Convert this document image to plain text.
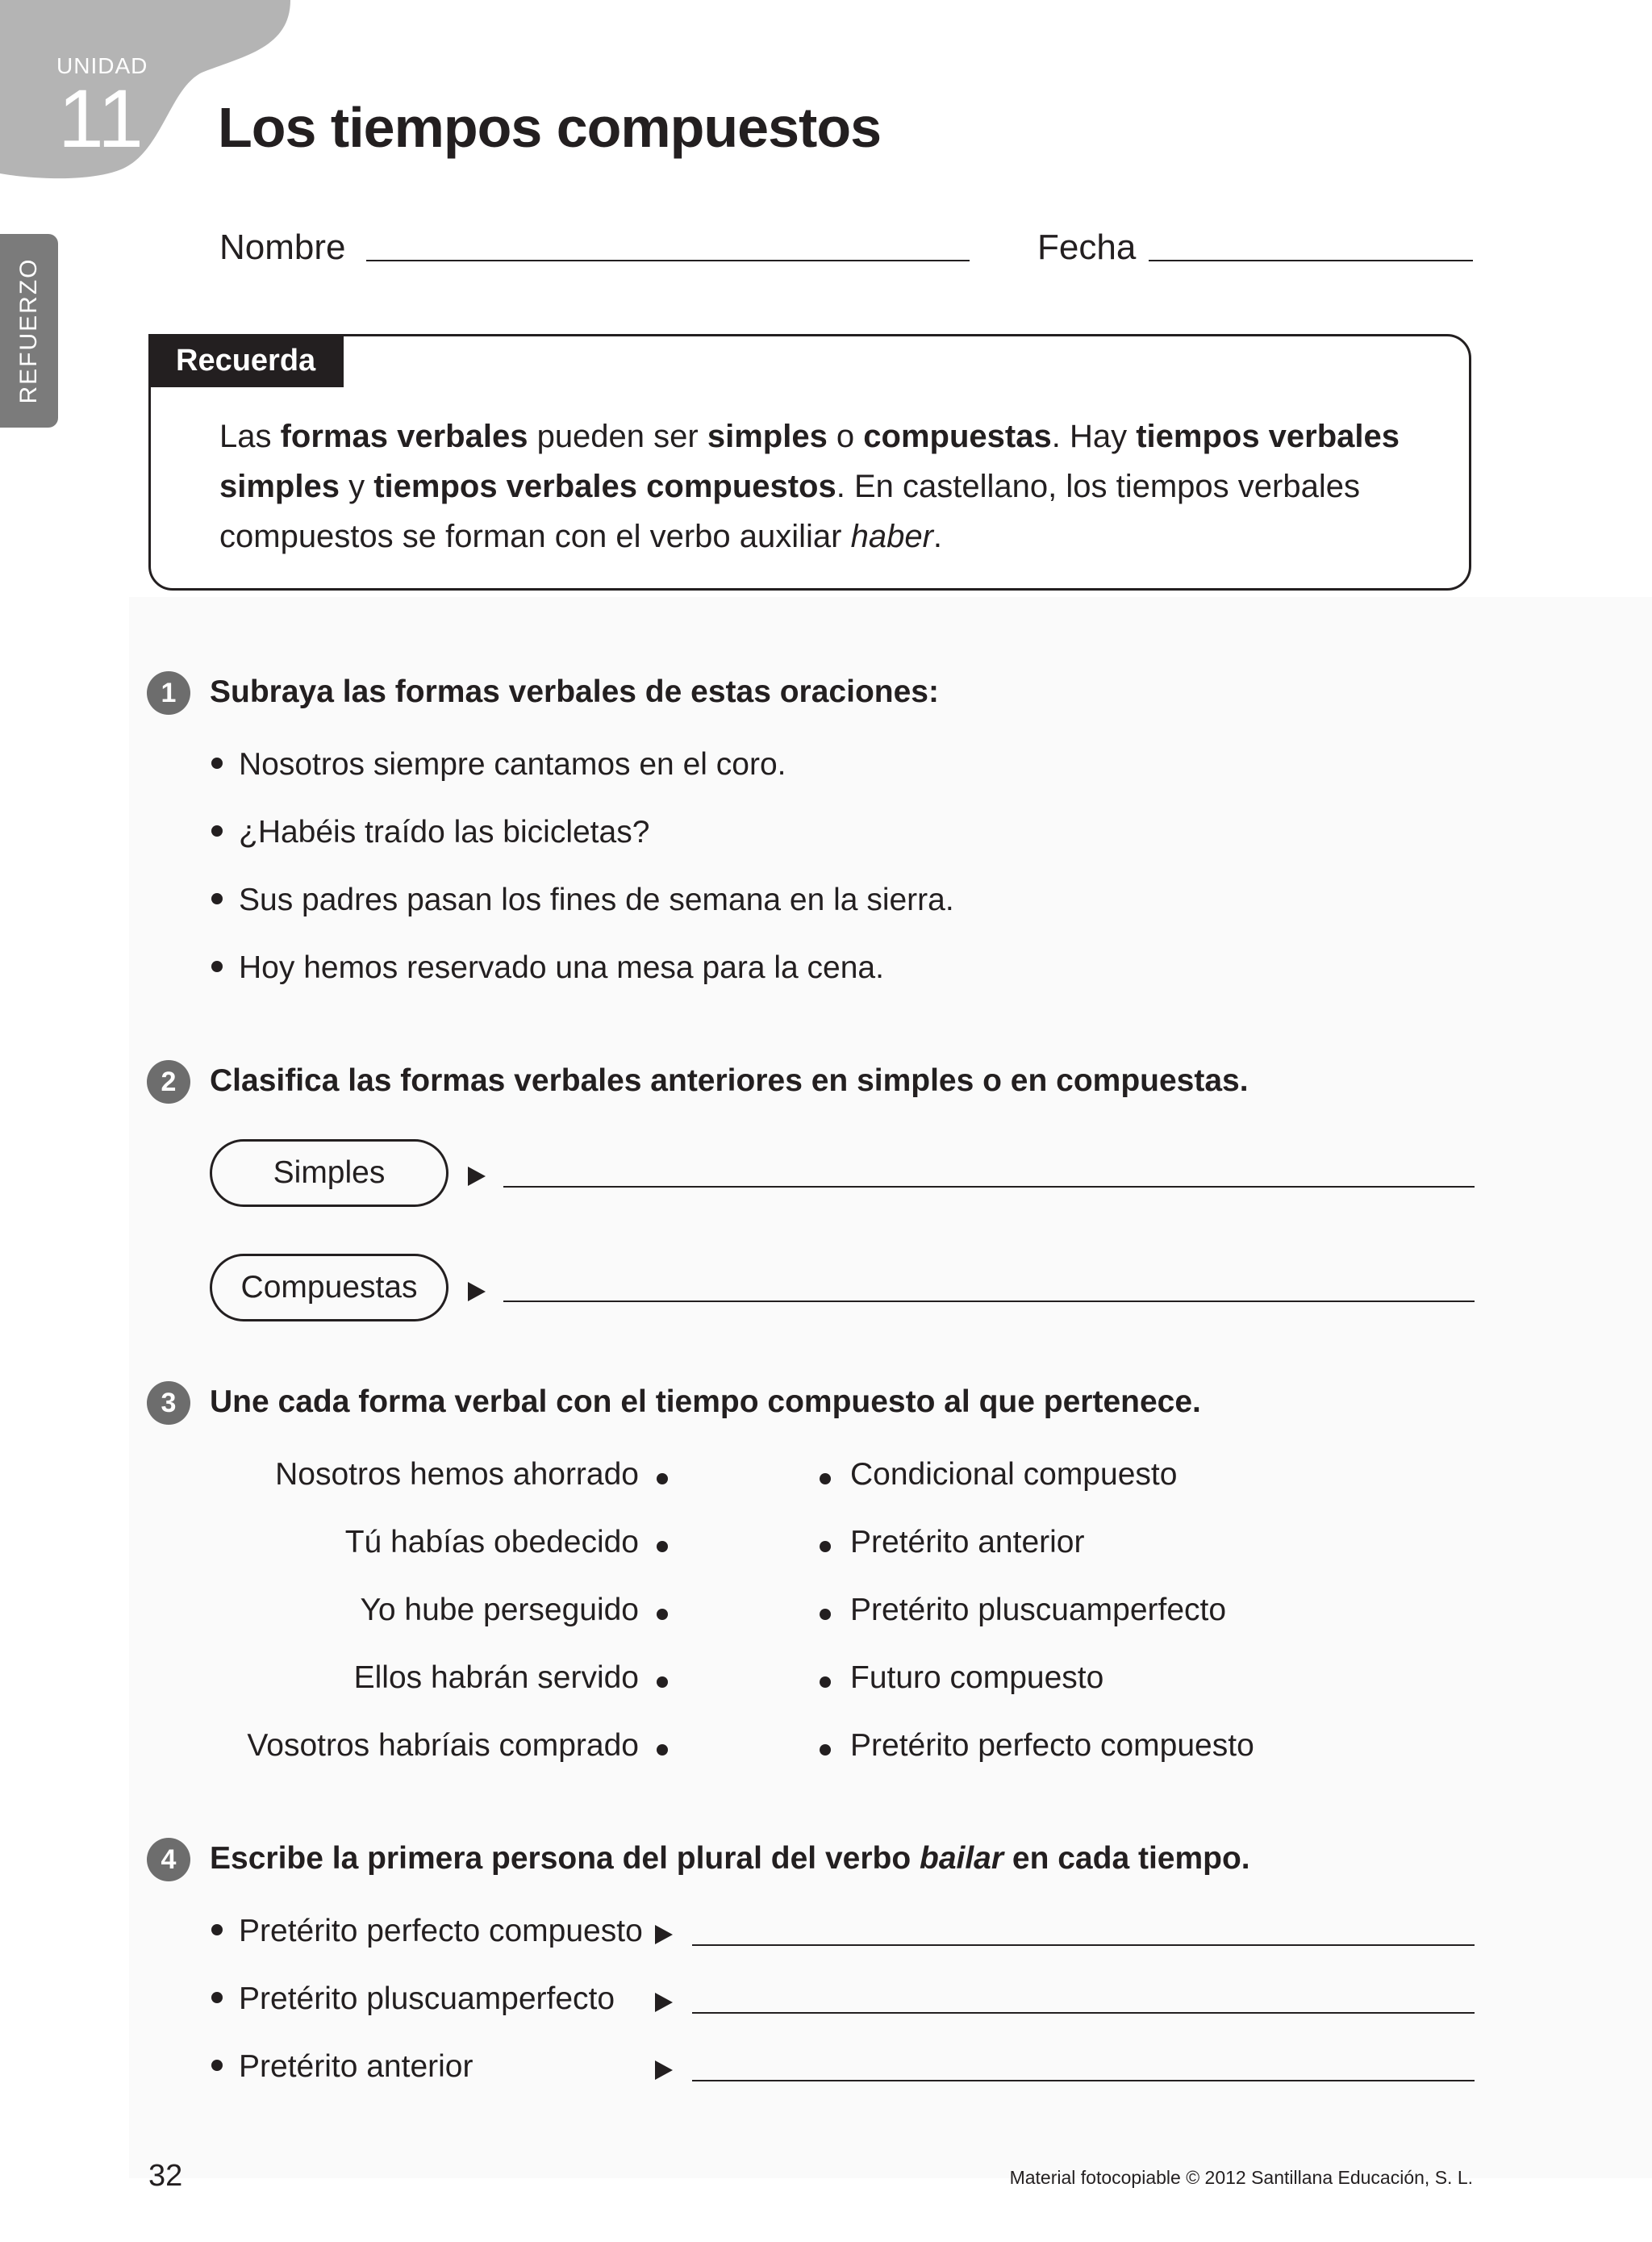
UNIDAD
11 Los tiempos compuestos
REFUERZO
Nombre	Fecha
Recuerda
Las formas verbales pueden ser simples o compuestas. Hay tiempos verbales simples y tiempos verbales compuestos. En castellano, los tiempos verbales compuestos se forman con el verbo auxiliar haber.
1	Subraya las formas verbales de estas oraciones:
Nosotros siempre cantamos en el coro.
¿Habéis traído las bicicletas?
Sus padres pasan los fines de semana en la sierra.
Hoy hemos reservado una mesa para la cena.
2	Clasifica las formas verbales anteriores en simples o en compuestas.
Simples
Compuestas
3	Une cada forma verbal con el tiempo compuesto al que pertenece.
Nosotros hemos ahorrado
Tú habías obedecido
Yo hube perseguido
Ellos habrán servido
Vosotros habríais comprado
Condicional compuesto
Pretérito anterior
Pretérito pluscuamperfecto
Futuro compuesto
Pretérito perfecto compuesto
4	Escribe la primera persona del plural del verbo bailar en cada tiempo.
Pretérito perfecto compuesto
Pretérito pluscuamperfecto
Pretérito anterior
32	Material fotocopiable © 2012 Santillana Educación, S. L.
